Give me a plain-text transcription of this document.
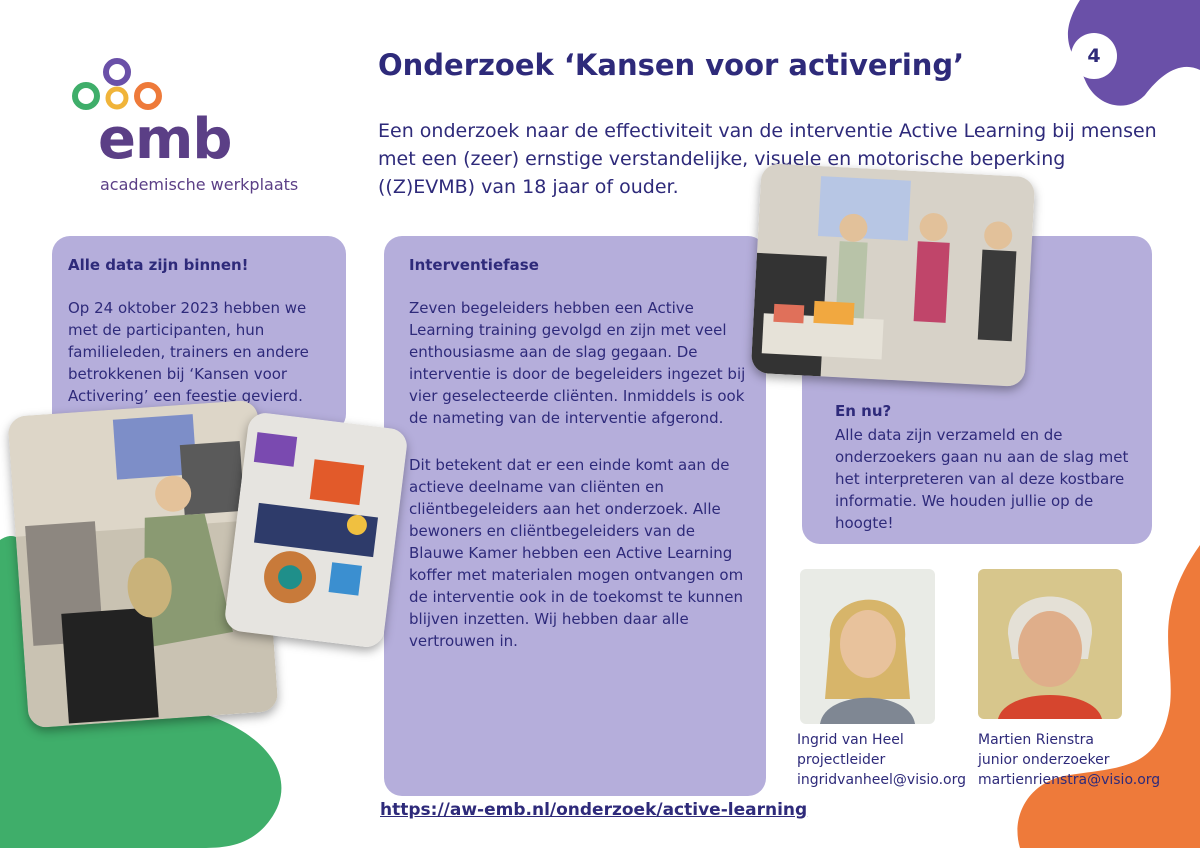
emb
academische werkplaats
Onderzoek ‘Kansen voor activering’	4
Een onderzoek naar de effectiviteit van de interventie Active Learning bij mensen met een (zeer) ernstige verstandelijke, visuele en motorische beperking ((Z)EVMB) van 18 jaar of ouder.
Alle data zijn binnen!
Op 24 oktober 2023 hebben we met de participanten, hun familieleden, trainers en andere betrokkenen bij ‘Kansen voor Activering’ een feestje gevierd.
Interventiefase
Zeven begeleiders hebben een Active Learning training gevolgd en zijn met veel enthousiasme aan de slag gegaan. De interventie is door de begeleiders ingezet bij vier geselecteerde cliënten. Inmiddels is ook de nameting van de interventie afgerond.
Dit betekent dat er een einde komt aan de actieve deelname van cliënten en cliëntbegeleiders aan het onderzoek. Alle bewoners en cliëntbegeleiders van de Blauwe Kamer hebben een Active Learning koffer met materialen mogen ontvangen om de interventie ook in de toekomst te kunnen blijven inzetten. Wij hebben daar alle vertrouwen in.
En nu?
Alle data zijn verzameld en de onderzoekers gaan nu aan de slag met het interpreteren van al deze kostbare informatie. We houden jullie op de hoogte!
Ingrid van Heel
projectleider
ingridvanheel@visio.org
Martien Rienstra
junior onderzoeker
martienrienstra@visio.org
https://aw-emb.nl/onderzoek/active-learning
